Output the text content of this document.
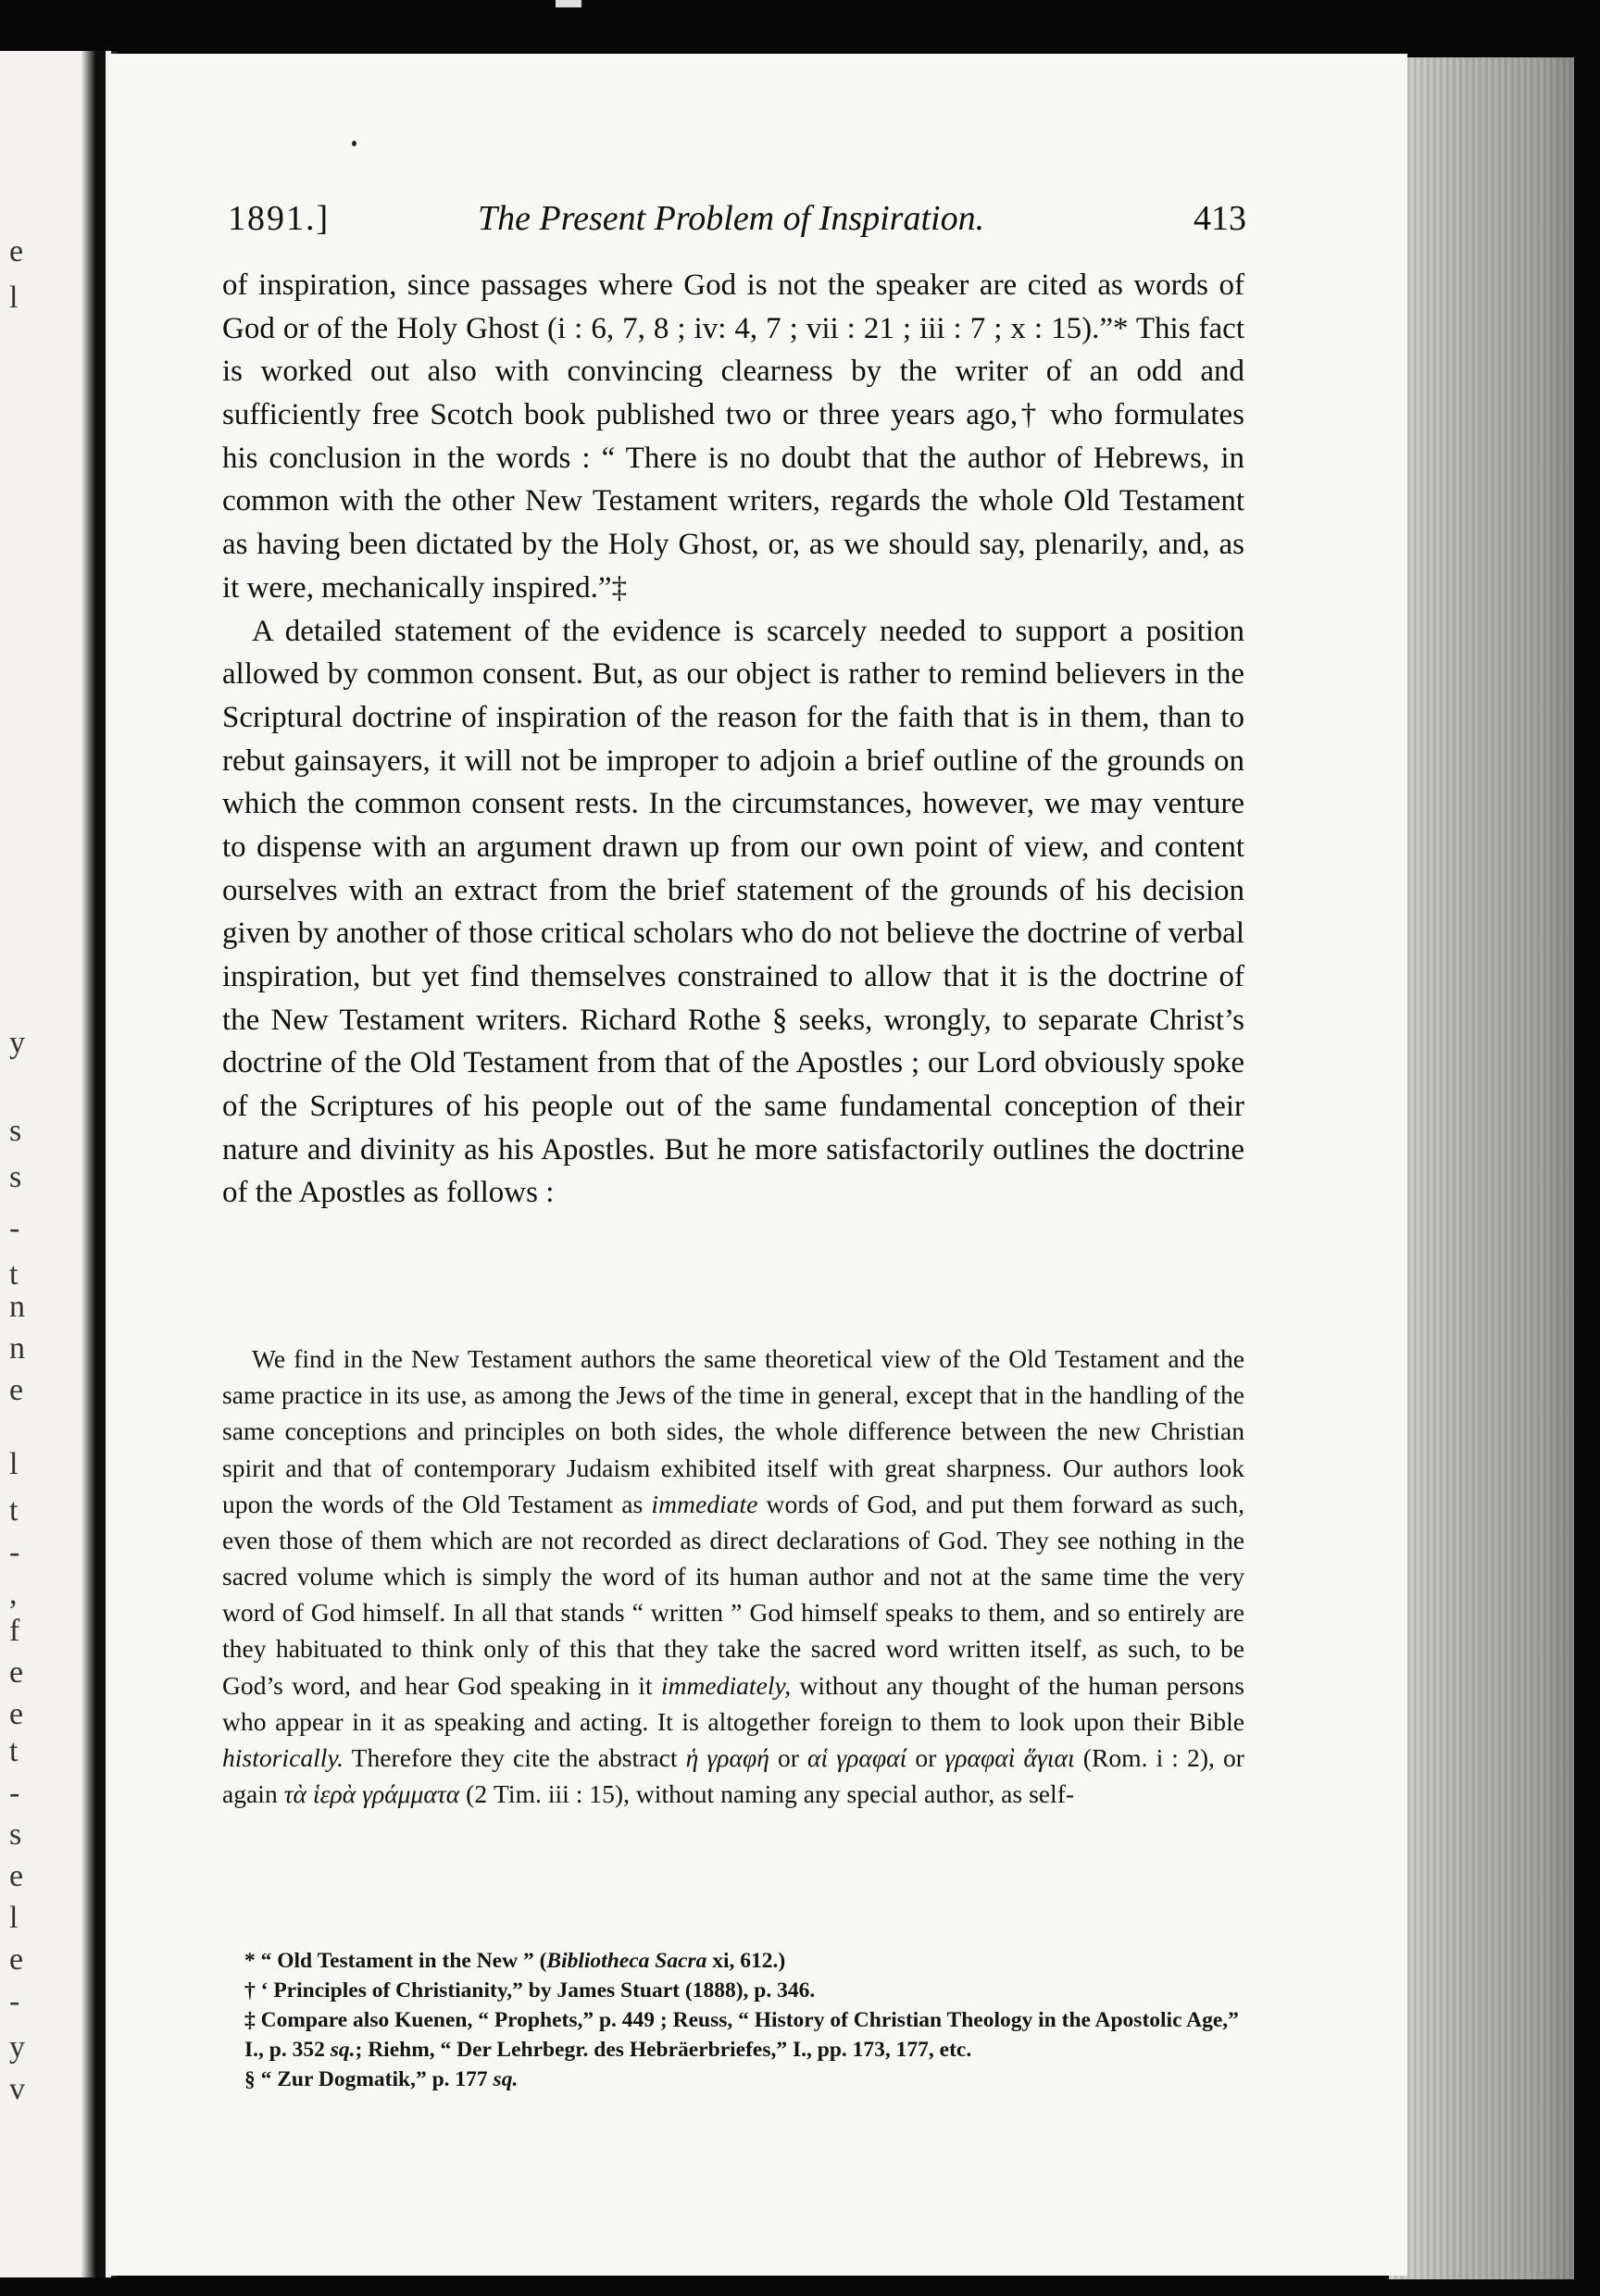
e
l
y
s
s
-
t
n
n
e
l
t
-
,
f
e
e
t
-
s
e
l
e
-
y
v
1891.]	The Present Problem of Inspiration.	413

of inspiration, since passages where God is not the speaker are cited as words of God or of the Holy Ghost (i : 6, 7, 8 ; iv: 4, 7 ; vii : 21 ; iii : 7 ; x : 15).”* This fact is worked out also with convincing clearness by the writer of an odd and sufficiently free Scotch book published two or three years ago,† who formulates his conclusion in the words : “ There is no doubt that the author of Hebrews, in common with the other New Testament writers, regards the whole Old Testament as having been dictated by the Holy Ghost, or, as we should say, plenarily, and, as it were, mechanically inspired.”‡

A detailed statement of the evidence is scarcely needed to support a position allowed by common consent. But, as our object is rather to remind believers in the Scriptural doctrine of inspiration of the reason for the faith that is in them, than to rebut gainsayers, it will not be improper to adjoin a brief outline of the grounds on which the common consent rests. In the circumstances, however, we may venture to dispense with an argument drawn up from our own point of view, and content ourselves with an extract from the brief statement of the grounds of his decision given by another of those critical scholars who do not believe the doctrine of verbal inspiration, but yet find themselves constrained to allow that it is the doctrine of the New Testament writers. Richard Rothe § seeks, wrongly, to separate Christ’s doctrine of the Old Testament from that of the Apostles ; our Lord obviously spoke of the Scriptures of his people out of the same fundamental conception of their nature and divinity as his Apostles. But he more satisfactorily outlines the doctrine of the Apostles as follows :

We find in the New Testament authors the same theoretical view of the Old Testament and the same practice in its use, as among the Jews of the time in general, except that in the handling of the same conceptions and principles on both sides, the whole difference between the new Christian spirit and that of contemporary Judaism exhibited itself with great sharpness. Our authors look upon the words of the Old Testament as immediate words of God, and put them forward as such, even those of them which are not recorded as direct declarations of God. They see nothing in the sacred volume which is simply the word of its human author and not at the same time the very word of God himself. In all that stands “ written ” God himself speaks to them, and so entirely are they habituated to think only of this that they take the sacred word written itself, as such, to be God’s word, and hear God speaking in it immediately, without any thought of the human persons who appear in it as speaking and acting. It is altogether foreign to them to look upon their Bible historically. Therefore they cite the abstract ἡ γραφή or αἱ γραφαί or γραφαὶ ἅγιαι (Rom. i : 2), or again τὰ ἱερὰ γράμματα (2 Tim. iii : 15), without naming any special author, as self-

* “ Old Testament in the New ” (Bibliotheca Sacra xi, 612.)

† ‘ Principles of Christianity,” by James Stuart (1888), p. 346.

‡ Compare also Kuenen, “ Prophets,” p. 449 ; Reuss, “ History of Christian Theology in the Apostolic Age,” I., p. 352 sq.; Riehm, “ Der Lehrbegr. des Hebräerbriefes,” I., pp. 173, 177, etc.

§ “ Zur Dogmatik,” p. 177 sq.
